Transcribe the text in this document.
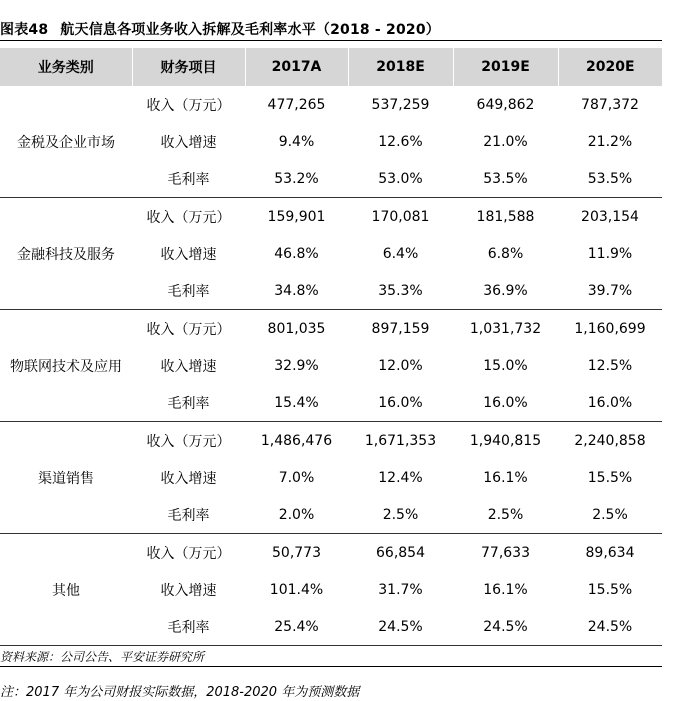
图表48 航天信息各项业务收入拆解及毛利率水平（2018 - 2020）
业务类别	财务项目	2017A	2018E	2019E	2020E
金税及企业市场	收入（万元）	477,265	537,259	649,862	787,372
	收入增速	9.4%	12.6%	21.0%	21.2%
	毛利率	53.2%	53.0%	53.5%	53.5%
金融科技及服务	收入（万元）	159,901	170,081	181,588	203,154
	收入增速	46.8%	6.4%	6.8%	11.9%
	毛利率	34.8%	35.3%	36.9%	39.7%
物联网技术及应用	收入（万元）	801,035	897,159	1,031,732	1,160,699
	收入增速	32.9%	12.0%	15.0%	12.5%
	毛利率	15.4%	16.0%	16.0%	16.0%
渠道销售	收入（万元）	1,486,476	1,671,353	1,940,815	2,240,858
	收入增速	7.0%	12.4%	16.1%	15.5%
	毛利率	2.0%	2.5%	2.5%	2.5%
其他	收入（万元）	50,773	66,854	77,633	89,634
	收入增速	101.4%	31.7%	16.1%	15.5%
	毛利率	25.4%	24.5%	24.5%	24.5%
资料来源：公司公告、平安证券研究所
注：2017 年为公司财报实际数据，2018-2020 年为预测数据
